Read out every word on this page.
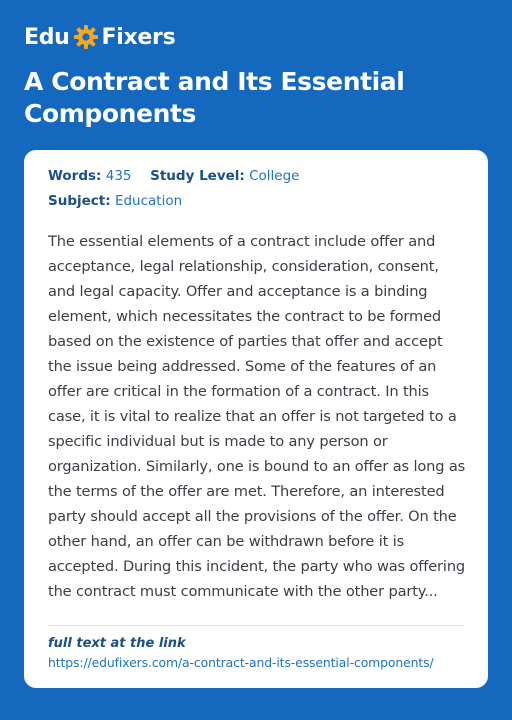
Edu Fixers
A Contract and Its Essential Components
Words: 435 Study Level: College
Subject: Education
The essential elements of a contract include offer and acceptance, legal relationship, consideration, consent, and legal capacity. Offer and acceptance is a binding element, which necessitates the contract to be formed based on the existence of parties that offer and accept the issue being addressed. Some of the features of an offer are critical in the formation of a contract. In this case, it is vital to realize that an offer is not targeted to a specific individual but is made to any person or organization. Similarly, one is bound to an offer as long as the terms of the offer are met. Therefore, an interested party should accept all the provisions of the offer. On the other hand, an offer can be withdrawn before it is accepted. During this incident, the party who was offering the contract must communicate with the other party...
full text at the link
https://edufixers.com/a-contract-and-its-essential-components/
